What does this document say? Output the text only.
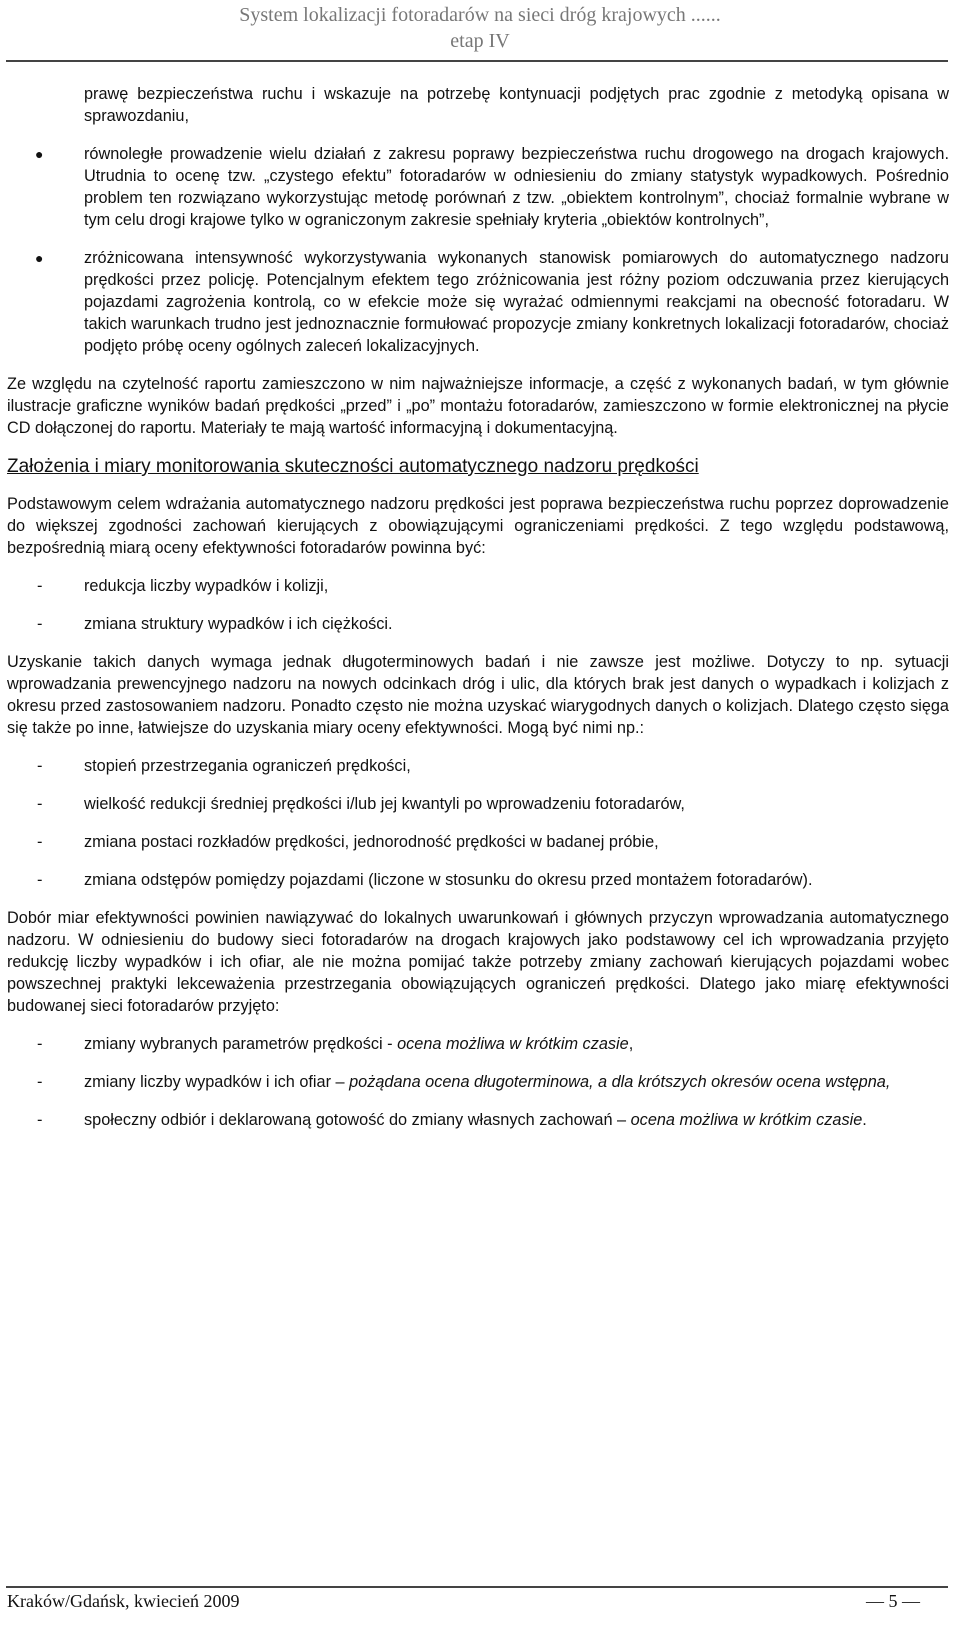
System lokalizacji fotoradarów na sieci dróg krajowych ......
etap IV
prawę bezpieczeństwa ruchu i wskazuje na potrzebę kontynuacji podjętych prac zgodnie z metodyką opisana w sprawozdaniu,
● równoległe prowadzenie wielu działań z zakresu poprawy bezpieczeństwa ruchu drogowego na drogach krajowych. Utrudnia to ocenę tzw. „czystego efektu” fotoradarów w odniesieniu do zmiany statystyk wypadkowych. Pośrednio problem ten rozwiązano wykorzystując metodę porównań z tzw. „obiektem kontrolnym”, chociaż formalnie wybrane w tym celu drogi krajowe tylko w ograniczonym zakresie spełniały kryteria „obiektów kontrolnych”,
● zróżnicowana intensywność wykorzystywania wykonanych stanowisk pomiarowych do automatycznego nadzoru prędkości przez policję. Potencjalnym efektem tego zróżnicowania jest różny poziom odczuwania przez kierujących pojazdami zagrożenia kontrolą, co w efekcie może się wyrażać odmiennymi reakcjami na obecność fotoradaru. W takich warunkach trudno jest jednoznacznie formułować propozycje zmiany konkretnych lokalizacji fotoradarów, chociaż podjęto próbę oceny ogólnych zaleceń lokalizacyjnych.
Ze względu na czytelność raportu zamieszczono w nim najważniejsze informacje, a część z wykonanych badań, w tym głównie ilustracje graficzne wyników badań prędkości „przed” i „po” montażu fotoradarów, zamieszczono w formie elektronicznej na płycie CD dołączonej do raportu. Materiały te mają wartość informacyjną i dokumentacyjną.
Założenia i miary monitorowania skuteczności automatycznego nadzoru prędkości
Podstawowym celem wdrażania automatycznego nadzoru prędkości jest poprawa bezpieczeństwa ruchu poprzez doprowadzenie do większej zgodności zachowań kierujących z obowiązującymi ograniczeniami prędkości. Z tego względu podstawową, bezpośrednią miarą oceny efektywności fotoradarów powinna być:
-	redukcja liczby wypadków i kolizji,
-	zmiana struktury wypadków i ich ciężkości.
Uzyskanie takich danych wymaga jednak długoterminowych badań i nie zawsze jest możliwe. Dotyczy to np. sytuacji wprowadzania prewencyjnego nadzoru na nowych odcinkach dróg i ulic, dla których brak jest danych o wypadkach i kolizjach z okresu przed zastosowaniem nadzoru. Ponadto często nie można uzyskać wiarygodnych danych o kolizjach. Dlatego często sięga się także po inne, łatwiejsze do uzyskania miary oceny efektywności. Mogą być nimi np.:
-	stopień przestrzegania ograniczeń prędkości,
-	wielkość redukcji średniej prędkości i/lub jej kwantyli po wprowadzeniu fotoradarów,
-	zmiana postaci rozkładów prędkości, jednorodność prędkości w badanej próbie,
-	zmiana odstępów pomiędzy pojazdami (liczone w stosunku do okresu przed montażem fotoradarów).
Dobór miar efektywności powinien nawiązywać do lokalnych uwarunkowań i głównych przyczyn wprowadzania automatycznego nadzoru. W odniesieniu do budowy sieci fotoradarów na drogach krajowych jako podstawowy cel ich wprowadzania przyjęto redukcję liczby wypadków i ich ofiar, ale nie można pomijać także potrzeby zmiany zachowań kierujących pojazdami wobec powszechnej praktyki lekceważenia przestrzegania obowiązujących ograniczeń prędkości. Dlatego jako miarę efektywności budowanej sieci fotoradarów przyjęto:
-	zmiany wybranych parametrów prędkości - ocena możliwa w krótkim czasie,
-	zmiany liczby wypadków i ich ofiar – pożądana ocena długoterminowa, a dla krótszych okresów ocena wstępna,
-	społeczny odbiór i deklarowaną gotowość do zmiany własnych zachowań – ocena możliwa w krótkim czasie.
Kraków/Gdańsk, kwiecień 2009	— 5 —
